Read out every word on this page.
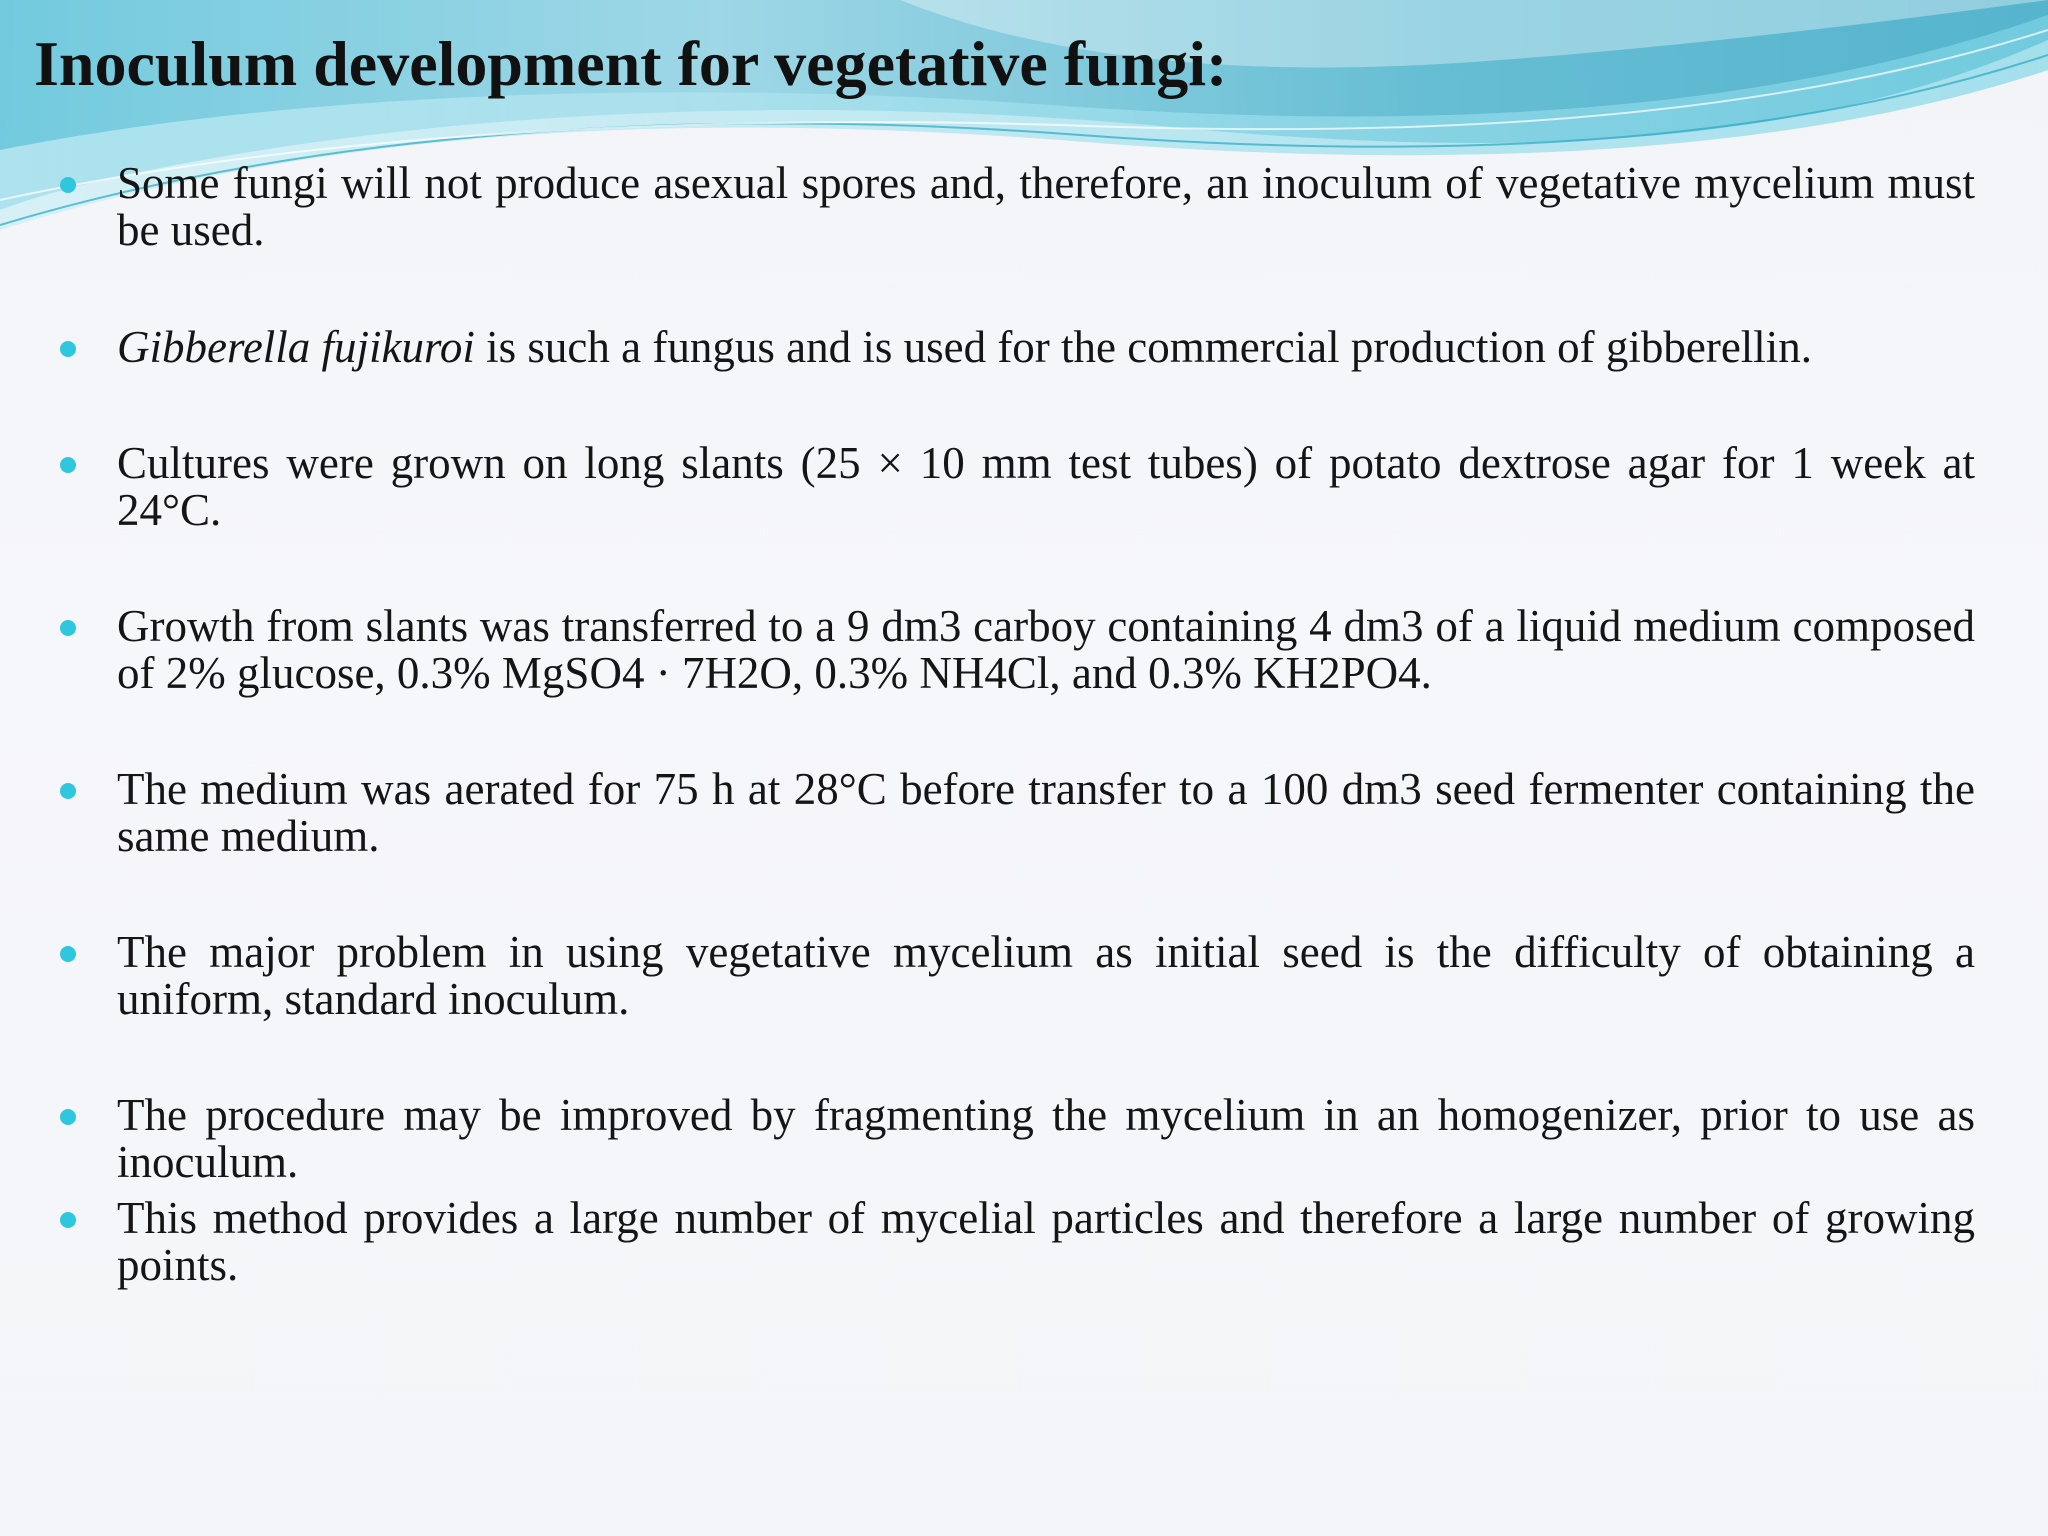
Inoculum development for vegetative fungi:
Some fungi will not produce asexual spores and, therefore, an inoculum of vegetative mycelium must be used.
Gibberella fujikuroi is such a fungus and is used for the commercial production of gibberellin.
Cultures were grown on long slants (25 × 10 mm test tubes) of potato dextrose agar for 1 week at 24°C.
Growth from slants was transferred to a 9 dm3 carboy containing 4 dm3 of a liquid medium composed of 2% glucose, 0.3% MgSO4 · 7H2O, 0.3% NH4Cl, and 0.3% KH2PO4.
The medium was aerated for 75 h at 28°C before transfer to a 100 dm3 seed fermenter containing the same medium.
The major problem in using vegetative mycelium as initial seed is the difficulty of obtaining a uniform, standard inoculum.
The procedure may be improved by fragmenting the mycelium in an homogenizer, prior to use as inoculum.
This method provides a large number of mycelial particles and therefore a large number of growing points.
